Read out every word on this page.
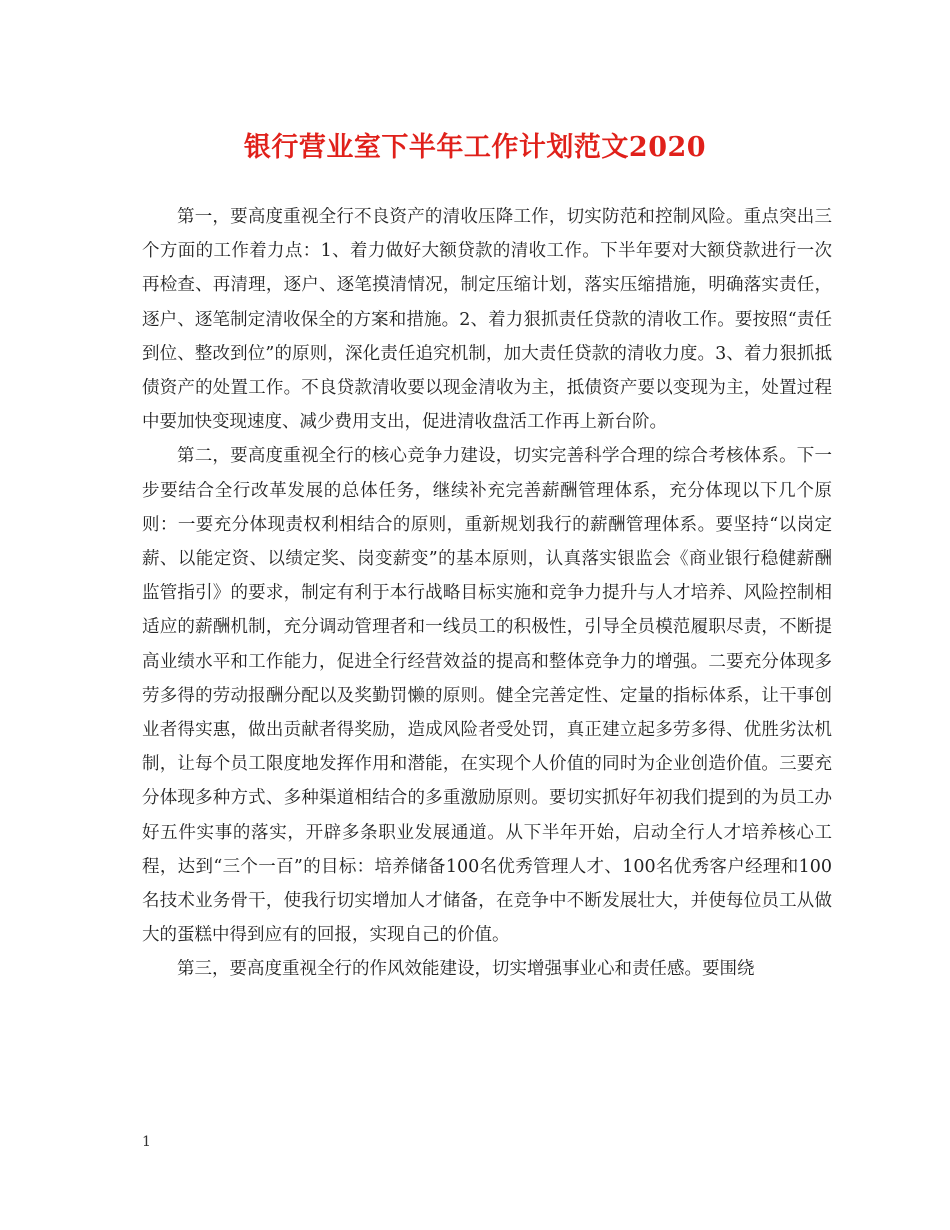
银行营业室下半年工作计划范文2020

第一，要高度重视全行不良资产的清收压降工作，切实防范和控制风险。重点突出三个方面的工作着力点：1、着力做好大额贷款的清收工作。下半年要对大额贷款进行一次再检查、再清理，逐户、逐笔摸清情况，制定压缩计划，落实压缩措施，明确落实责任，逐户、逐笔制定清收保全的方案和措施。2、着力狠抓责任贷款的清收工作。要按照“责任到位、整改到位”的原则，深化责任追究机制，加大责任贷款的清收力度。3、着力狠抓抵债资产的处置工作。不良贷款清收要以现金清收为主，抵债资产要以变现为主，处置过程中要加快变现速度、减少费用支出，促进清收盘活工作再上新台阶。

第二，要高度重视全行的核心竞争力建设，切实完善科学合理的综合考核体系。下一步要结合全行改革发展的总体任务，继续补充完善薪酬管理体系，充分体现以下几个原则：一要充分体现责权利相结合的原则，重新规划我行的薪酬管理体系。要坚持“以岗定薪、以能定资、以绩定奖、岗变薪变”的基本原则，认真落实银监会《商业银行稳健薪酬监管指引》的要求，制定有利于本行战略目标实施和竞争力提升与人才培养、风险控制相适应的薪酬机制，充分调动管理者和一线员工的积极性，引导全员模范履职尽责，不断提高业绩水平和工作能力，促进全行经营效益的提高和整体竞争力的增强。二要充分体现多劳多得的劳动报酬分配以及奖勤罚懒的原则。健全完善定性、定量的指标体系，让干事创业者得实惠，做出贡献者得奖励，造成风险者受处罚，真正建立起多劳多得、优胜劣汰机制，让每个员工限度地发挥作用和潜能，在实现个人价值的同时为企业创造价值。三要充分体现多种方式、多种渠道相结合的多重激励原则。要切实抓好年初我们提到的为员工办好五件实事的落实，开辟多条职业发展通道。从下半年开始，启动全行人才培养核心工程，达到“三个一百”的目标：培养储备100名优秀管理人才、100名优秀客户经理和100名技术业务骨干，使我行切实增加人才储备，在竞争中不断发展壮大，并使每位员工从做大的蛋糕中得到应有的回报，实现自己的价值。

第三，要高度重视全行的作风效能建设，切实增强事业心和责任感。要围绕

1
